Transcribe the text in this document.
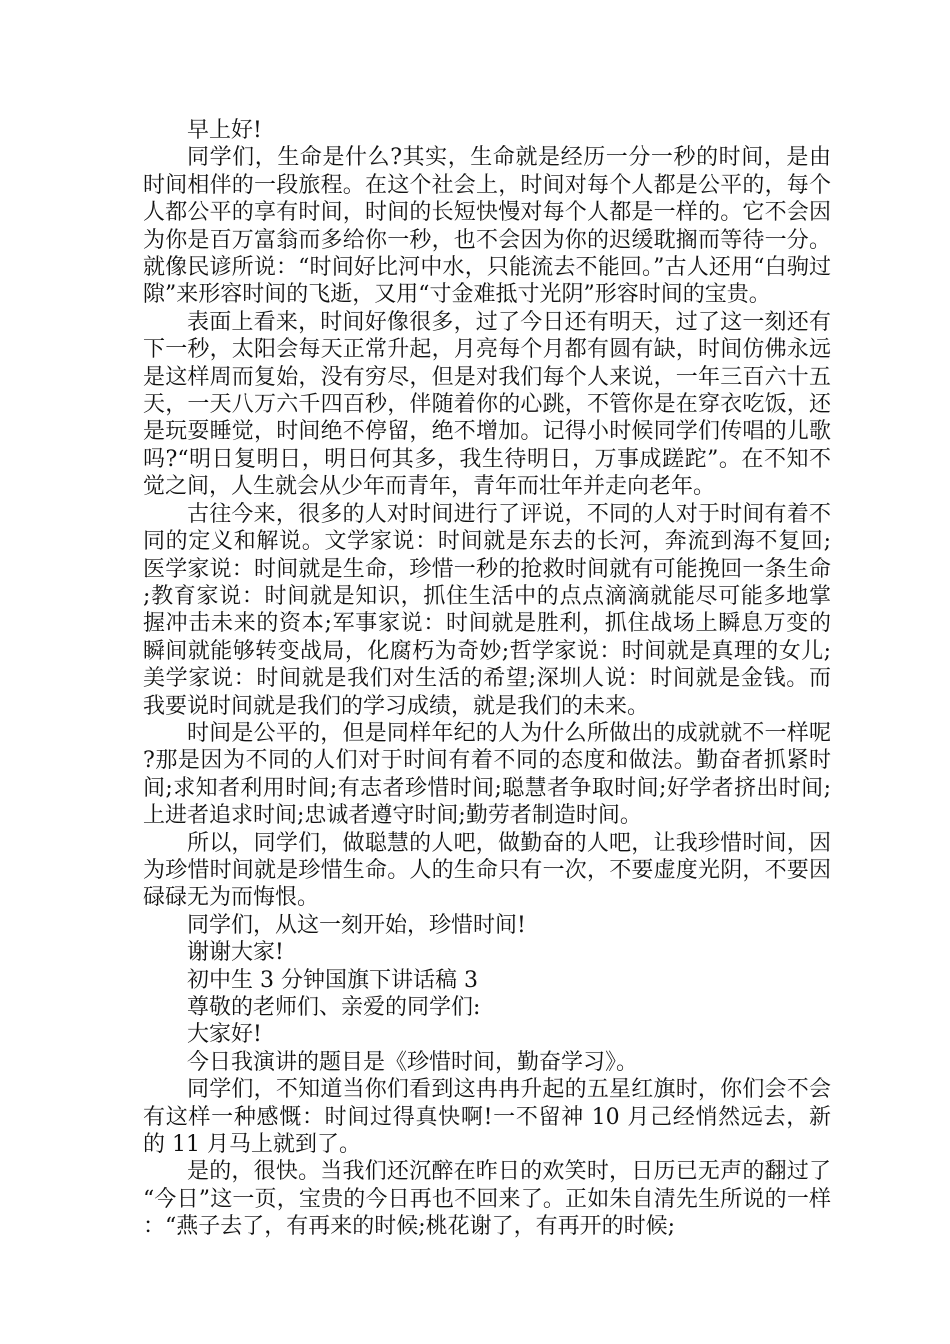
早上好!

同学们，生命是什么?其实，生命就是经历一分一秒的时间，是由时间相伴的一段旅程。在这个社会上，时间对每个人都是公平的，每个人都公平的享有时间，时间的长短快慢对每个人都是一样的。它不会因为你是百万富翁而多给你一秒，也不会因为你的迟缓耽搁而等待一分。就像民谚所说：“时间好比河中水，只能流去不能回。”古人还用“白驹过隙”来形容时间的飞逝，又用“寸金难抵寸光阴”形容时间的宝贵。

表面上看来，时间好像很多，过了今日还有明天，过了这一刻还有下一秒，太阳会每天正常升起，月亮每个月都有圆有缺，时间仿佛永远是这样周而复始，没有穷尽，但是对我们每个人来说，一年三百六十五天，一天八万六千四百秒，伴随着你的心跳，不管你是在穿衣吃饭，还是玩耍睡觉，时间绝不停留，绝不增加。记得小时候同学们传唱的儿歌吗?“明日复明日，明日何其多，我生待明日，万事成蹉跎”。在不知不觉之间，人生就会从少年而青年，青年而壮年并走向老年。

古往今来，很多的人对时间进行了评说，不同的人对于时间有着不同的定义和解说。文学家说：时间就是东去的长河，奔流到海不复回;医学家说：时间就是生命，珍惜一秒的抢救时间就有可能挽回一条生命;教育家说：时间就是知识，抓住生活中的点点滴滴就能尽可能多地掌握冲击未来的资本;军事家说：时间就是胜利，抓住战场上瞬息万变的瞬间就能够转变战局，化腐朽为奇妙;哲学家说：时间就是真理的女儿;美学家说：时间就是我们对生活的希望;深圳人说：时间就是金钱。而我要说时间就是我们的学习成绩，就是我们的未来。

时间是公平的，但是同样年纪的人为什么所做出的成就就不一样呢?那是因为不同的人们对于时间有着不同的态度和做法。勤奋者抓紧时间;求知者利用时间;有志者珍惜时间;聪慧者争取时间;好学者挤出时间;上进者追求时间;忠诚者遵守时间;勤劳者制造时间。

所以，同学们，做聪慧的人吧，做勤奋的人吧，让我珍惜时间，因为珍惜时间就是珍惜生命。人的生命只有一次，不要虚度光阴，不要因碌碌无为而悔恨。

同学们，从这一刻开始，珍惜时间!

谢谢大家!

初中生 3 分钟国旗下讲话稿 3

尊敬的老师们、亲爱的同学们:

大家好!

今日我演讲的题目是《珍惜时间，勤奋学习》。

同学们，不知道当你们看到这冉冉升起的五星红旗时，你们会不会有这样一种感慨：时间过得真快啊!一不留神 10 月己经悄然远去，新的 11 月马上就到了。

是的，很快。当我们还沉醉在昨日的欢笑时，日历已无声的翻过了“今日”这一页，宝贵的今日再也不回来了。正如朱自清先生所说的一样：“燕子去了，有再来的时候;桃花谢了，有再开的时候;
